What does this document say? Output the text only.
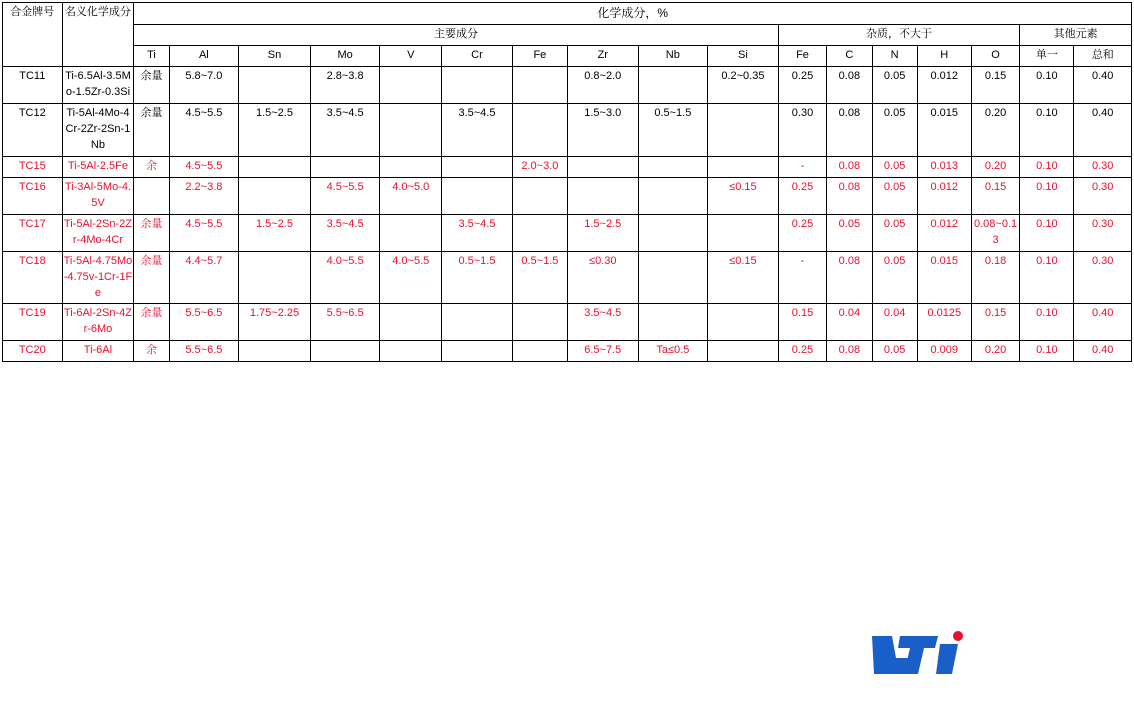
合金牌号	名义化学成分	化学成分，%																
		主要成分										杂质，不大于					其他元素	
		Ti	Al	Sn	Mo	V	Cr	Fe	Zr	Nb	Si	Fe	C	N	H	O	单一	总和
TC11	Ti-6.5Al-3.5Mo-1.5Zr-0.3Si	余量	5.8~7.0		2.8~3.8				0.8~2.0		0.2~0.35	0.25	0.08	0.05	0.012	0.15	0.10	0.40
TC12	Ti-5Al-4Mo-4Cr-2Zr-2Sn-1Nb	余量	4.5~5.5	1.5~2.5	3.5~4.5		3.5~4.5		1.5~3.0	0.5~1.5		0.30	0.08	0.05	0.015	0.20	0.10	0.40
TC15	Ti-5Al-2.5Fe	余	4.5~5.5					2.0~3.0				-	0.08	0.05	0.013	0.20	0.10	0.30
TC16	Ti-3Al-5Mo-4.5V		2.2~3.8		4.5~5.5	4.0~5.0					≤0.15	0.25	0.08	0.05	0.012	0.15	0.10	0.30
TC17	Ti-5Al-2Sn-2Zr-4Mo-4Cr	余量	4.5~5.5	1.5~2.5	3.5~4.5		3.5~4.5		1.5~2.5			0.25	0.05	0.05	0.012	0.08~0.13	0.10	0.30
TC18	Ti-5Al-4.75Mo-4.75v-1Cr-1Fe	余量	4.4~5.7		4.0~5.5	4.0~5.5	0.5~1.5	0.5~1.5	≤0.30		≤0.15	-	0.08	0.05	0.015	0.18	0.10	0.30
TC19	Ti-6Al-2Sn-4Zr-6Mo	余量	5.5~6.5	1.75~2.25	5.5~6.5				3.5~4.5			0.15	0.04	0.04	0.0125	0.15	0.10	0.40
TC20	Ti-6Al	余	5.5~6.5						6.5~7.5	Ta≤0.5		0.25	0.08	0.05	0.009	0.20	0.10	0.40
